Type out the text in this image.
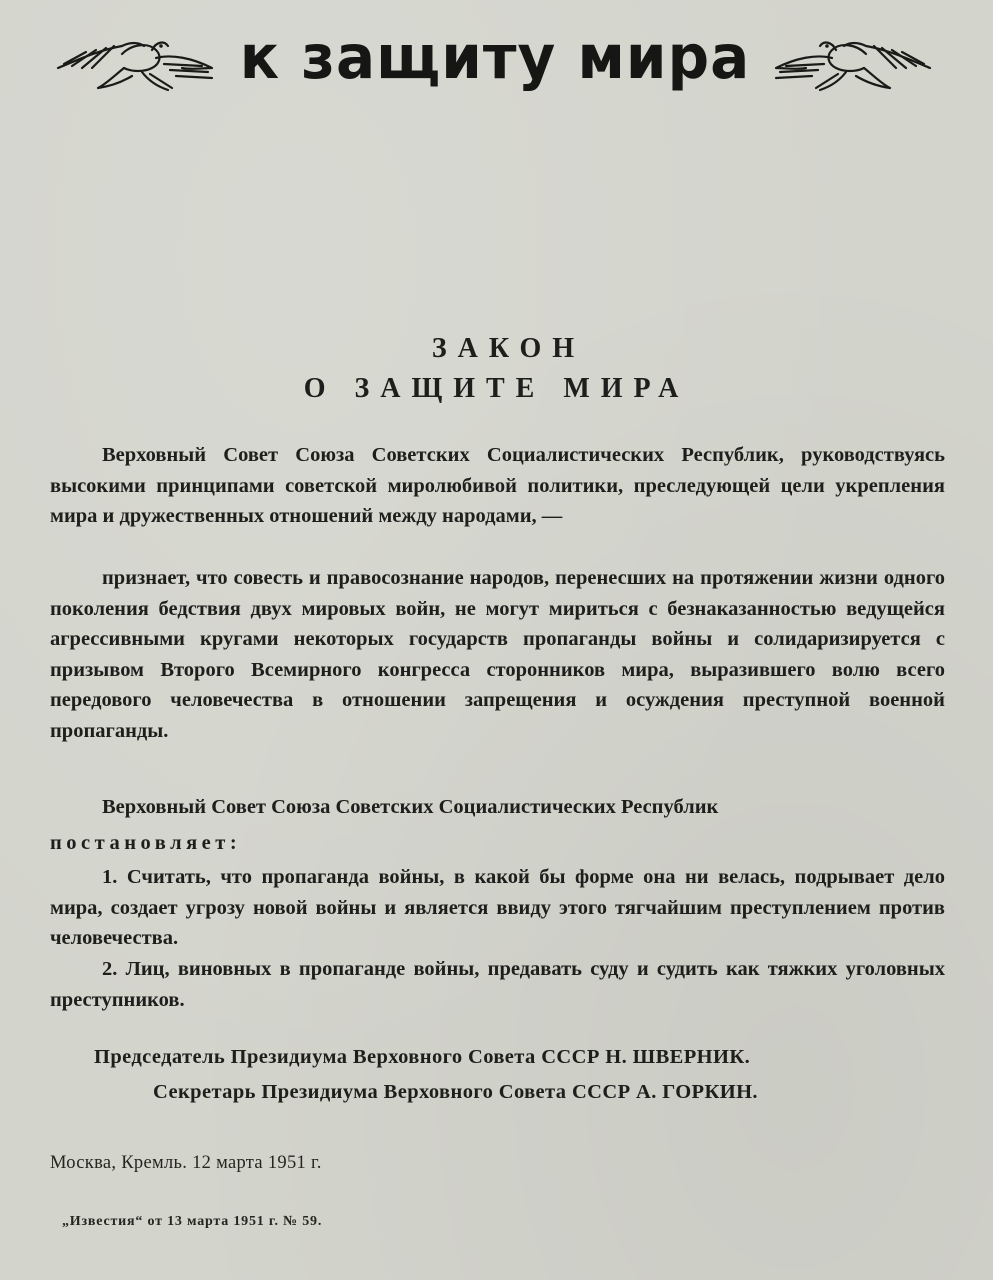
к защиту мира
ЗАКОН
О ЗАЩИТЕ МИРА

Верховный Совет Союза Советских Социалистических Республик, руководствуясь высокими принципами советской миролюбивой политики, преследующей цели укрепления мира и дружественных отношений между народами, —

признает, что совесть и правосознание народов, перенесших на протяжении жизни одного поколения бедствия двух мировых войн, не могут мириться с безнаказанностью ведущейся агрессивными кругами некоторых государств пропаганды войны и солидаризируется с призывом Второго Всемирного конгресса сторонников мира, выразившего волю всего передового человечества в отношении запрещения и осуждения преступной военной пропаганды.

Верховный Совет Союза Советских Социалистических Республик

постановляет:

1. Считать, что пропаганда войны, в какой бы форме она ни велась, подрывает дело мира, создает угрозу новой войны и является ввиду этого тягчайшим преступлением против человечества.

2. Лиц, виновных в пропаганде войны, предавать суду и судить как тяжких уголовных преступников.

Председатель Президиума Верховного Совета СССР Н. ШВЕРНИК.
Секретарь Президиума Верховного Совета СССР А. ГОРКИН.
Москва, Кремль. 12 марта 1951 г.
„Известия“ от 13 марта 1951 г. № 59.
